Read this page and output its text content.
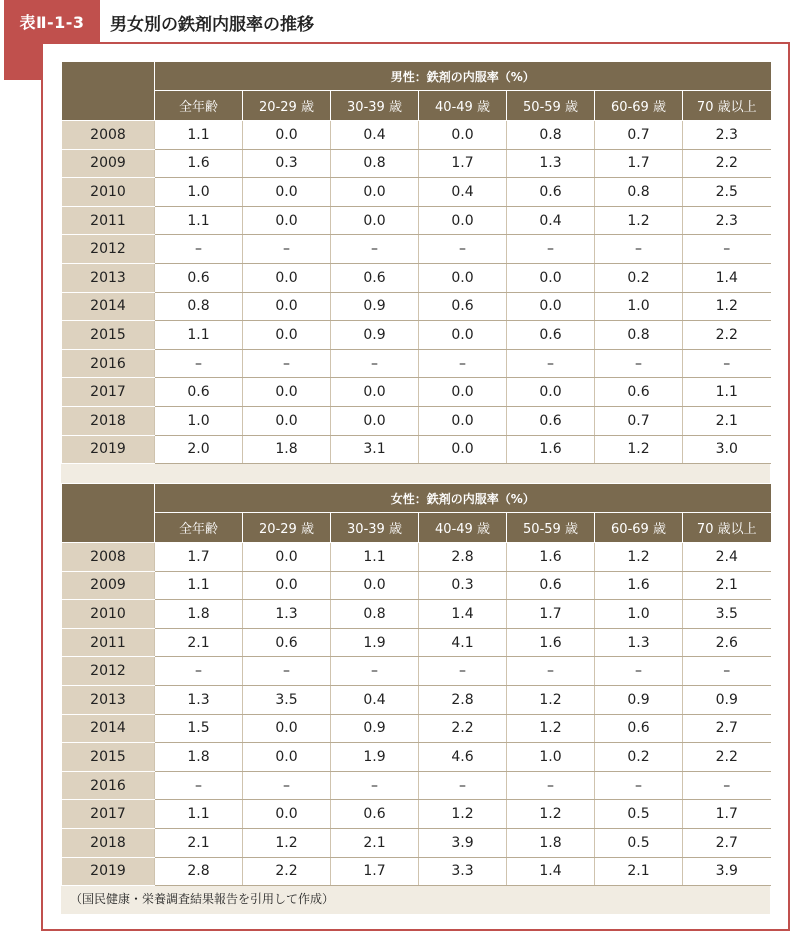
表Ⅱ-1-3	男女別の鉄剤内服率の推移
	男性：鉄剤の内服率（%）						
	全年齢	20-29 歳	30-39 歳	40-49 歳	50-59 歳	60-69 歳	70 歳以上
2008	1.1	0.0	0.4	0.0	0.8	0.7	2.3
2009	1.6	0.3	0.8	1.7	1.3	1.7	2.2
2010	1.0	0.0	0.0	0.4	0.6	0.8	2.5
2011	1.1	0.0	0.0	0.0	0.4	1.2	2.3
2012	–	–	–	–	–	–	–
2013	0.6	0.0	0.6	0.0	0.0	0.2	1.4
2014	0.8	0.0	0.9	0.6	0.0	1.0	1.2
2015	1.1	0.0	0.9	0.0	0.6	0.8	2.2
2016	–	–	–	–	–	–	–
2017	0.6	0.0	0.0	0.0	0.0	0.6	1.1
2018	1.0	0.0	0.0	0.0	0.6	0.7	2.1
2019	2.0	1.8	3.1	0.0	1.6	1.2	3.0
	女性：鉄剤の内服率（%）						
	全年齢	20-29 歳	30-39 歳	40-49 歳	50-59 歳	60-69 歳	70 歳以上
2008	1.7	0.0	1.1	2.8	1.6	1.2	2.4
2009	1.1	0.0	0.0	0.3	0.6	1.6	2.1
2010	1.8	1.3	0.8	1.4	1.7	1.0	3.5
2011	2.1	0.6	1.9	4.1	1.6	1.3	2.6
2012	–	–	–	–	–	–	–
2013	1.3	3.5	0.4	2.8	1.2	0.9	0.9
2014	1.5	0.0	0.9	2.2	1.2	0.6	2.7
2015	1.8	0.0	1.9	4.6	1.0	0.2	2.2
2016	–	–	–	–	–	–	–
2017	1.1	0.0	0.6	1.2	1.2	0.5	1.7
2018	2.1	1.2	2.1	3.9	1.8	0.5	2.7
2019	2.8	2.2	1.7	3.3	1.4	2.1	3.9
（国民健康・栄養調査結果報告を引用して作成）
